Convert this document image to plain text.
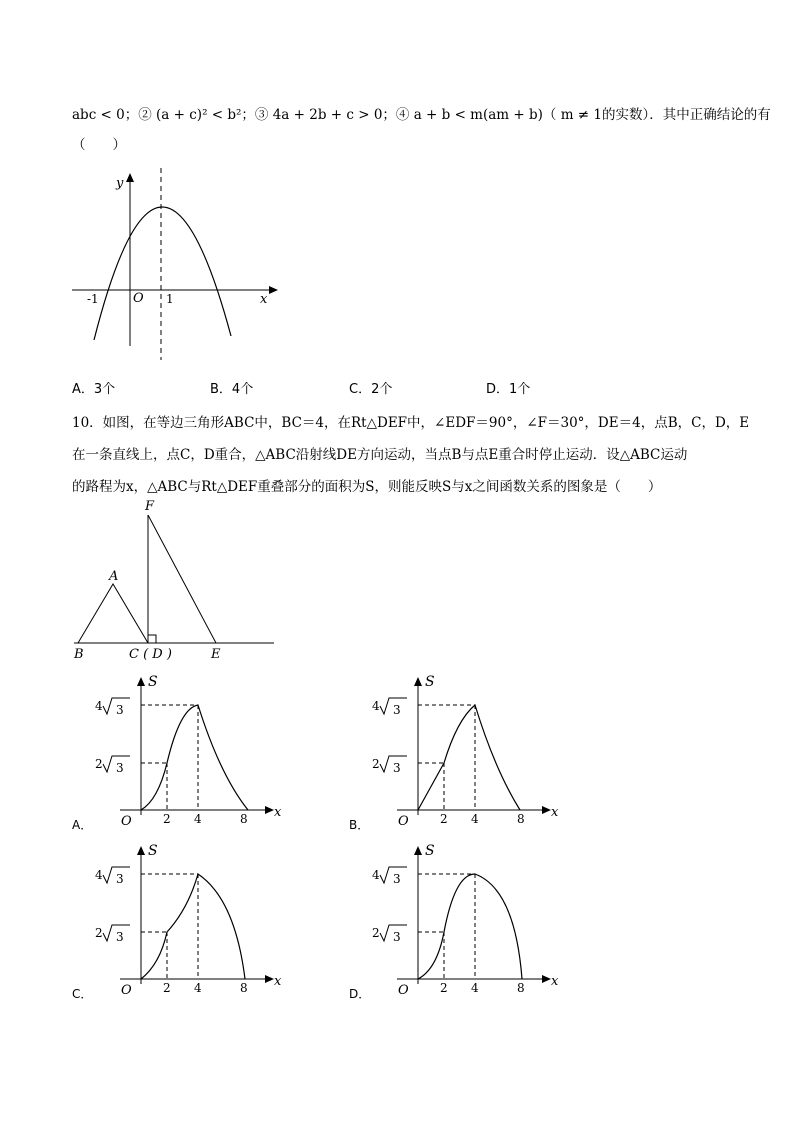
abc < 0；② (a + c)² < b²；③ 4a + 2b + c > 0；④ a + b < m(am + b)（ m ≠ 1的实数）．其中正确结论的有
（　　）
y
x
O
-1	1
A．3个	B．4个	C．2个	D．1个
10．如图，在等边三角形ABC中，BC＝4，在Rt△DEF中，∠EDF＝90°，∠F＝30°，DE＝4，点B，C，D，E
在一条直线上，点C，D重合，△ABC沿射线DE方向运动，当点B与点E重合时停止运动．设△ABC运动
的路程为x，△ABC与Rt△DEF重叠部分的面积为S，则能反映S与x之间函数关系的图象是（　　）
A
B	C ( D )	E
F
S
x
O	2 4	8
4 3
2 3
A．
S
x
O	2 4	8
4 3
2 3
B．
S
x
O	2 4	8
4 3
2 3
C．
S
x
O	2 4	8
4 3
2 3
D．
